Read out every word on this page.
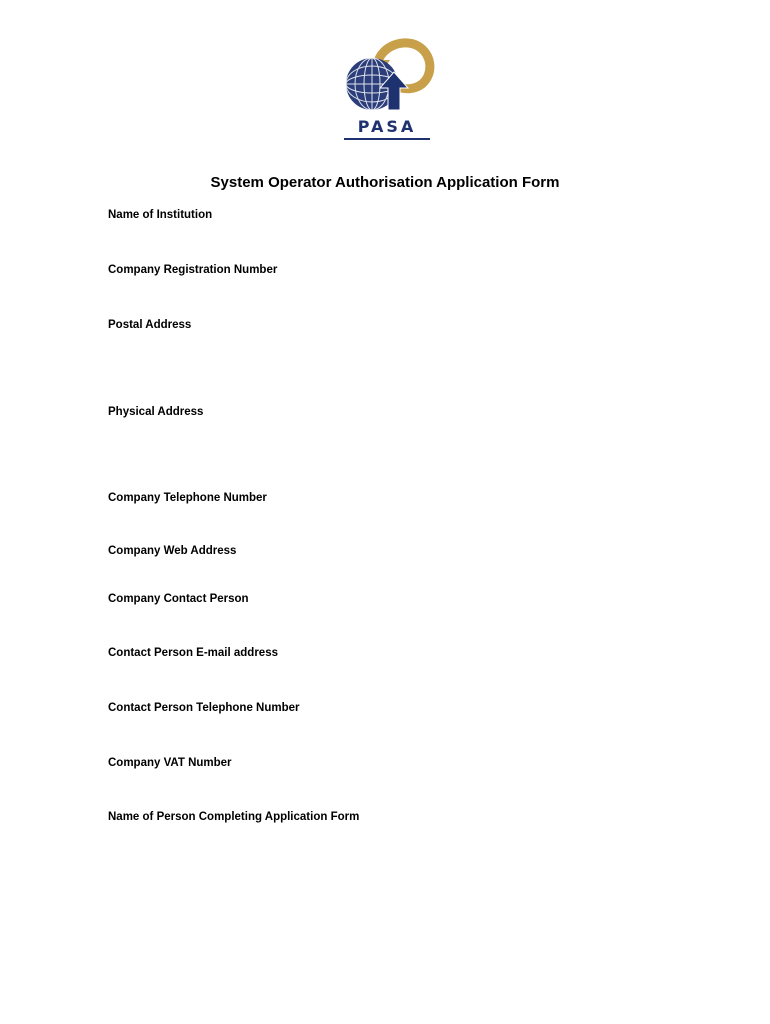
PASA
System Operator Authorisation Application Form
Name of Institution
Company Registration Number
Postal Address
Physical Address
Company Telephone Number
Company Web Address
Company Contact Person
Contact Person E-mail address
Contact Person Telephone Number
Company VAT Number
Name of Person Completing Application Form
